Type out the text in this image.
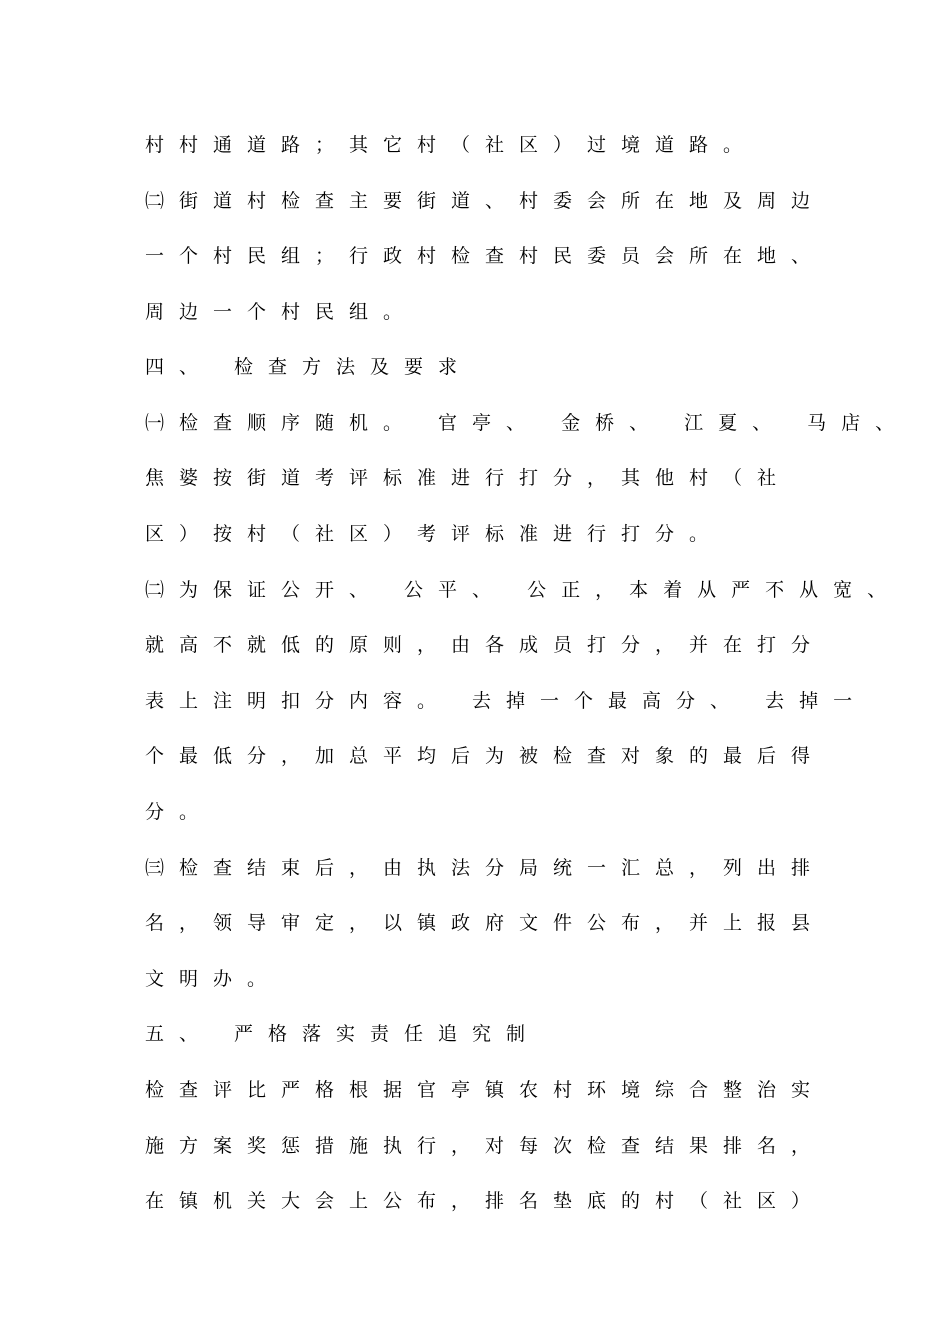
村村通道路；其它村（社区）过境道路。
㈡街道村检查主要街道、村委会所在地及周边
一个村民组；行政村检查村民委员会所在地、
周边一个村民组。
四、 检查方法及要求
㈠检查顺序随机。 官亭、 金桥、 江夏、 马店、
焦婆按街道考评标准进行打分，其他村（社
区）按村（社区）考评标准进行打分。
㈡为保证公开、 公平、 公正，本着从严不从宽、
就高不就低的原则，由各成员打分，并在打分
表上注明扣分内容。 去掉一个最高分、 去掉一
个最低分，加总平均后为被检查对象的最后得
分。
㈢检查结束后，由执法分局统一汇总，列出排
名，领导审定，以镇政府文件公布，并上报县
文明办。
五、 严格落实责任追究制
检查评比严格根据官亭镇农村环境综合整治实
施方案奖惩措施执行，对每次检查结果排名，
在镇机关大会上公布，排名垫底的村（社区）
